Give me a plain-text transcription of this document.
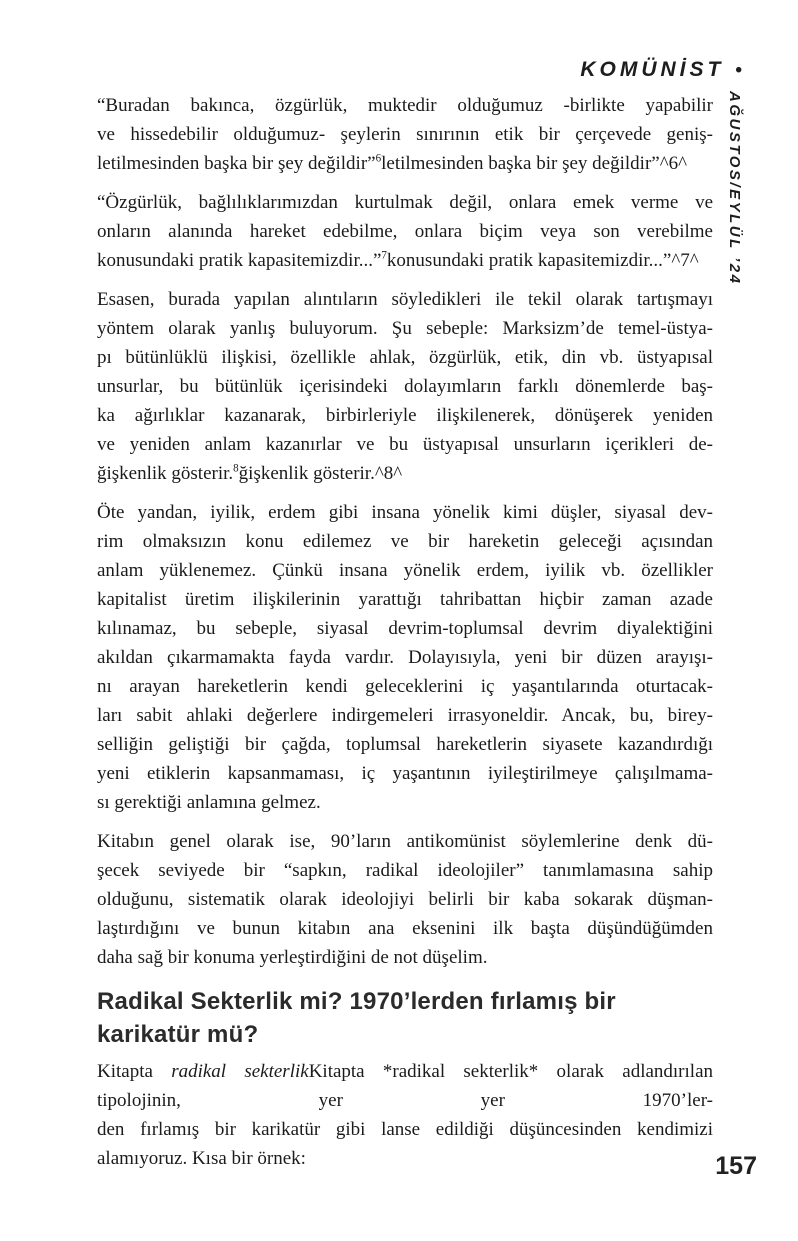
KOMÜNİST •
AĞUSTOS/EYLÜL ’24

“Buradan bakınca, özgürlük, muktedir olduğumuz -birlikte yapabilir
ve hissedebilir olduğumuz- şeylerin sınırının etik bir çerçevede geniş-
letilmesinden başka bir şey değildir”$^6$letilmesinden başka bir şey değildir”^6^

“Özgürlük, bağlılıklarımızdan kurtulmak değil, onlara emek verme ve
onların alanında hareket edebilme, onlara biçim veya son verebilme
konusundaki pratik kapasitemizdir...”$^7$konusundaki pratik kapasitemizdir...”^7^

Esasen, burada yapılan alıntıların söyledikleri ile tekil olarak tartışmayı
yöntem olarak yanlış buluyorum. Şu sebeple: Marksizm’de temel-üstya-
pı bütünlüklü ilişkisi, özellikle ahlak, özgürlük, etik, din vb. üstyapısal
unsurlar, bu bütünlük içerisindeki dolayımların farklı dönemlerde baş-
ka ağırlıklar kazanarak, birbirleriyle ilişkilenerek, dönüşerek yeniden
ve yeniden anlam kazanırlar ve bu üstyapısal unsurların içerikleri de-
ğişkenlik gösterir.$^8$ğişkenlik gösterir.^8^

Öte yandan, iyilik, erdem gibi insana yönelik kimi düşler, siyasal dev-
rim olmaksızın konu edilemez ve bir hareketin geleceği açısından
anlam yüklenemez. Çünkü insana yönelik erdem, iyilik vb. özellikler
kapitalist üretim ilişkilerinin yarattığı tahribattan hiçbir zaman azade
kılınamaz, bu sebeple, siyasal devrim-toplumsal devrim diyalektiğini
akıldan çıkarmamakta fayda vardır. Dolayısıyla, yeni bir düzen arayışı-
nı arayan hareketlerin kendi geleceklerini iç yaşantılarında oturtacak-
ları sabit ahlaki değerlere indirgemeleri irrasyoneldir. Ancak, bu, birey-
selliğin geliştiği bir çağda, toplumsal hareketlerin siyasete kazandırdığı
yeni etiklerin kapsanmaması, iç yaşantının iyileştirilmeye çalışılmama-
sı gerektiği anlamına gelmez.

Kitabın genel olarak ise, 90’ların antikomünist söylemlerine denk dü-
şecek seviyede bir “sapkın, radikal ideolojiler” tanımlamasına sahip
olduğunu, sistematik olarak ideolojiyi belirli bir kaba sokarak düşman-
laştırdığını ve bunun kitabın ana eksenini ilk başta düşündüğümden
daha sağ bir konuma yerleştirdiğini de not düşelim.

Radikal Sekterlik mi? 1970’lerden fırlamış bir
karikatür mü?

Kitapta radikal sekterlikKitapta *radikal sekterlik* olarak adlandırılan tipolojinin, yer yer 1970’ler-
den fırlamış bir karikatür gibi lanse edildiği düşüncesinden kendimizi
alamıyoruz. Kısa bir örnek:	157
